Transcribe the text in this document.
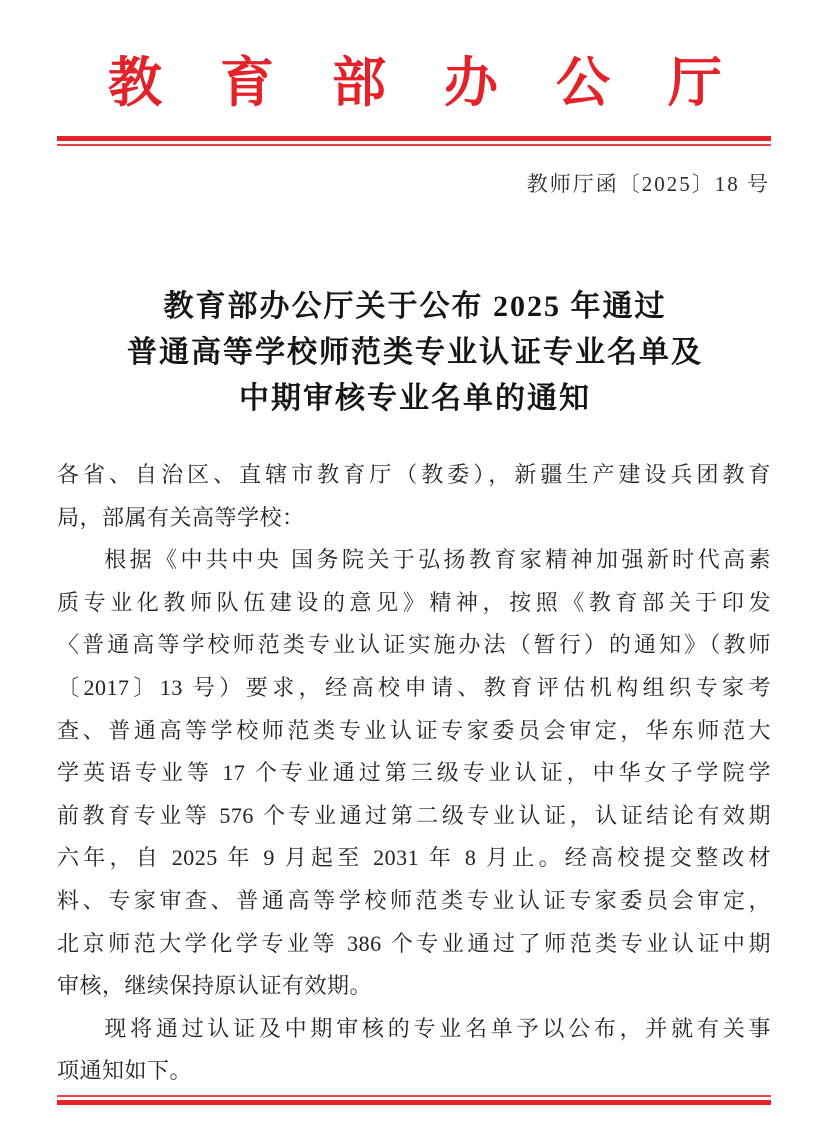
教育部办公厅
教师厅函〔2025〕18 号
教育部办公厅关于公布 2025 年通过
普通高等学校师范类专业认证专业名单及
中期审核专业名单的通知
各省、自治区、直辖市教育厅（教委），新疆生产建设兵团教育
局，部属有关高等学校：
根据《中共中央 国务院关于弘扬教育家精神加强新时代高素
质专业化教师队伍建设的意见》精神，按照《教育部关于印发
〈普通高等学校师范类专业认证实施办法（暂行）的通知》（教师
〔2017〕13 号）要求，经高校申请、教育评估机构组织专家考
查、普通高等学校师范类专业认证专家委员会审定，华东师范大
学英语专业等 17 个专业通过第三级专业认证，中华女子学院学
前教育专业等 576 个专业通过第二级专业认证，认证结论有效期
六年，自 2025 年 9 月起至 2031 年 8 月止。经高校提交整改材
料、专家审查、普通高等学校师范类专业认证专家委员会审定，
北京师范大学化学专业等 386 个专业通过了师范类专业认证中期
审核，继续保持原认证有效期。
现将通过认证及中期审核的专业名单予以公布，并就有关事
项通知如下。
